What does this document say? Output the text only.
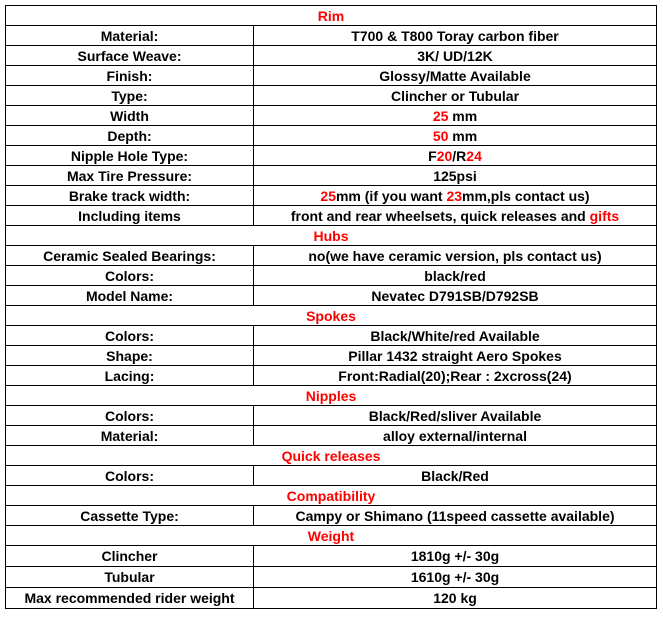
Rim	
Material:	T700 & T800 Toray carbon fiber
Surface Weave:	3K/ UD/12K
Finish:	Glossy/Matte Available
Type:	Clincher or Tubular
Width	25 mm
Depth:	50 mm
Nipple Hole Type:	F20/R24
Max Tire Pressure:	125psi
Brake track width:	25mm (if you want 23mm,pls contact us)
Including items	front and rear wheelsets, quick releases and gifts
Hubs	
Ceramic Sealed Bearings:	no(we have ceramic version, pls contact us)
Colors:	black/red
Model Name:	Nevatec D791SB/D792SB
Spokes	
Colors:	Black/White/red Available
Shape:	Pillar 1432 straight Aero Spokes
Lacing:	Front:Radial(20);Rear : 2xcross(24)
Nipples	
Colors:	Black/Red/sliver Available
Material:	alloy external/internal
Quick releases	
Colors:	Black/Red
Compatibility	
Cassette Type:	Campy or Shimano (11speed cassette available)
Weight	
Clincher	1810g +/- 30g
Tubular	1610g +/- 30g
Max recommended rider weight	120 kg
